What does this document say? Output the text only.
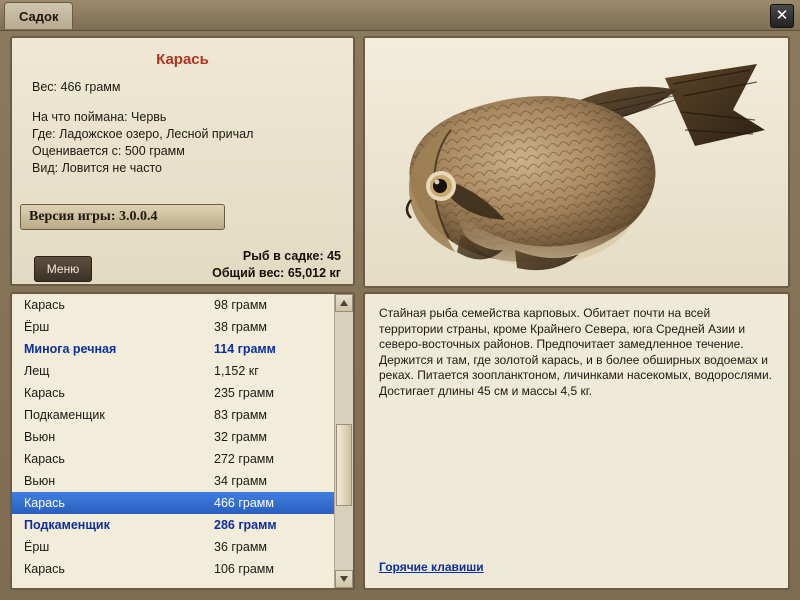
Садок	✕
Карась
Вес: 466 грамм
На что поймана: Червь
Где: Ладожское озеро, Лесной причал
Оценивается с: 500 грамм
Вид: Ловится не часто
Версия игры: 3.0.0.4
Меню
Рыб в садке: 45
Общий вес: 65,012 кг
Карась	98 грамм
Ёрш	38 грамм
Минога речная	114 грамм
Лещ	1,152 кг
Карась	235 грамм
Подкаменщик	83 грамм
Вьюн	32 грамм
Карась	272 грамм
Вьюн	34 грамм
Карась	466 грамм
Подкаменщик	286 грамм
Ёрш	36 грамм
Карась	106 грамм
Стайная рыба семейства карповых. Обитает почти на всей территории страны, кроме Крайнего Севера, юга Средней Азии и северо-восточных районов. Предпочитает замедленное течение. Держится и там, где золотой карась, и в более обширных водоемах и реках. Питается зоопланктоном, личинками насекомых, водорослями. Достигает длины 45 см и массы 4,5 кг.
Горячие клавиши
